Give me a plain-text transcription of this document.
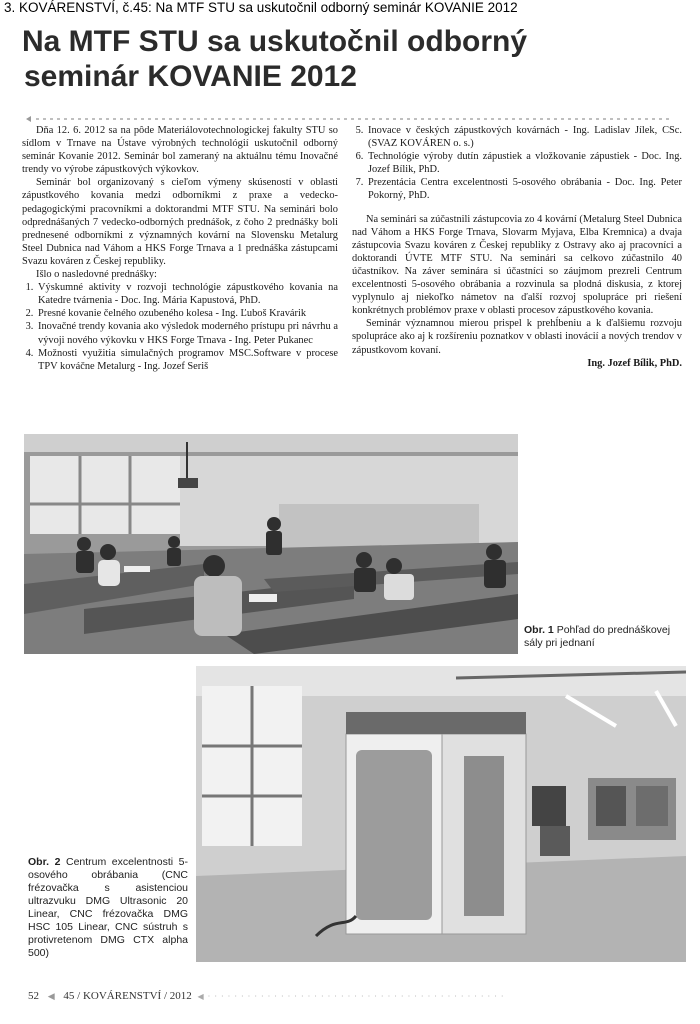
3. KOVÁRENSTVÍ, č.45: Na MTF STU sa uskutočnil odborný seminár KOVANIE 2012
Na MTF STU sa uskutočnil odborný
seminár KOVANIE 2012

Dňa 12. 6. 2012 sa na pôde Materiálovotechnologickej fakulty STU so sídlom v Trnave na Ústave výrobných technológií uskutočnil odborný seminár Kovanie 2012. Seminár bol zameraný na aktuálnu tému Inovačné trendy vo výrobe zápustkových výkovkov.

Seminár bol organizovaný s cieľom výmeny skúseností v oblasti zápustkového kovania medzi odborníkmi z praxe a vedecko-pedagogickými pracovníkmi a doktorandmi MTF STU. Na seminári bolo odprednášaných 7 vedecko-odborných prednášok, z čoho 2 prednášky boli prednesené odborníkmi z významných kovární na Slovensku Metalurg Steel Dubnica nad Váhom a HKS Forge Trnava a 1 prednáška zástupcami Svazu kováren z Českej republiky.

Išlo o nasledovné prednášky:

1. Výskumné aktivity v rozvoji technológie zápustkového kovania na Katedre tvárnenia - Doc. Ing. Mária Kapustová, PhD.
2. Presné kovanie čelného ozubeného kolesa - Ing. Ľuboš Kravárik
3. Inovačné trendy kovania ako výsledok moderného prístupu pri návrhu a vývoji nového výkovku v HKS Forge Trnava - Ing. Peter Pukanec
4. Možnosti využitia simulačných programov MSC.Software v procese TPV kováčne Metalurg - Ing. Jozef Seriš
5. Inovace v českých zápustkových kovárnách - Ing. Ladislav Jílek, CSc. (SVAZ KOVÁREN o. s.)
6. Technológie výroby dutín zápustiek a vložkovanie zápustiek - Doc. Ing. Jozef Bílik, PhD.
7. Prezentácia Centra excelentnosti 5-osového obrábania - Doc. Ing. Peter Pokorný, PhD.

Na seminári sa zúčastnili zástupcovia zo 4 kovární (Metalurg Steel Dubnica nad Váhom a HKS Forge Trnava, Slovarm Myjava, Elba Kremnica) a dvaja zástupcovia Svazu kováren z Českej republiky z Ostravy ako aj pracovníci a doktorandi ÚVTE MTF STU. Na seminári sa celkovo zúčastnilo 40 účastníkov. Na záver seminára si účastníci so záujmom prezreli Centrum excelentnosti 5-osového obrábania a rozvinula sa plodná diskusia, z ktorej vyplynulo aj niekoľko námetov na ďalší rozvoj spolupráce pri riešení konkrétnych problémov praxe v oblasti procesov zápustkového kovania.

Seminár významnou mierou prispel k prehĺbeniu a k ďalšiemu rozvoju spolupráce ako aj k rozšíreniu poznatkov v oblasti inovácií a nových trendov v zápustkovom kovaní.

Ing. Jozef Bílik, PhD.

Obr. 1 Pohľad do prednáškovej sály pri jednaní
Obr. 2 Centrum excelentnosti 5-osového obrábania (CNC frézovačka s asistenciou ultrazvuku DMG Ultrasonic 20 Linear, CNC frézovačka DMG HSC 105 Linear, CNC sústruh s protivretenom DMG CTX alpha 500)
52 ◀ 45 / KOVÁRENSTVÍ / 2012  ◀ · · · · · · · · · · · · · · · · · · · · · · · · · · · · · · · · · · · · · · · · · · · · ·
